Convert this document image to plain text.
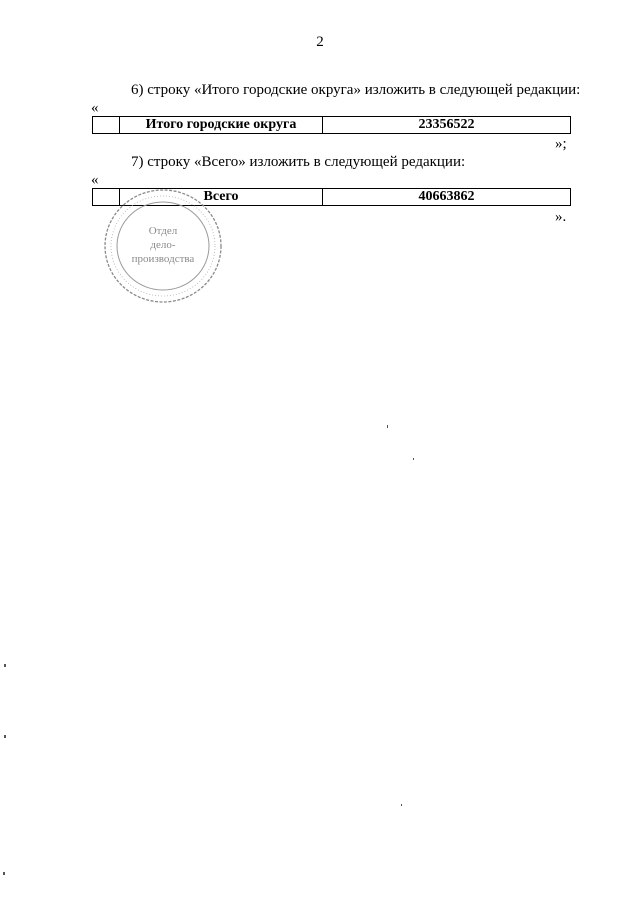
2
6) строку «Итого городские округа» изложить в следующей редакции:
«
	Итого городские округа	23356522
»;
7) строку «Всего» изложить в следующей редакции:
«
	Всего	40663862
».
Отдел
дело-
производства
